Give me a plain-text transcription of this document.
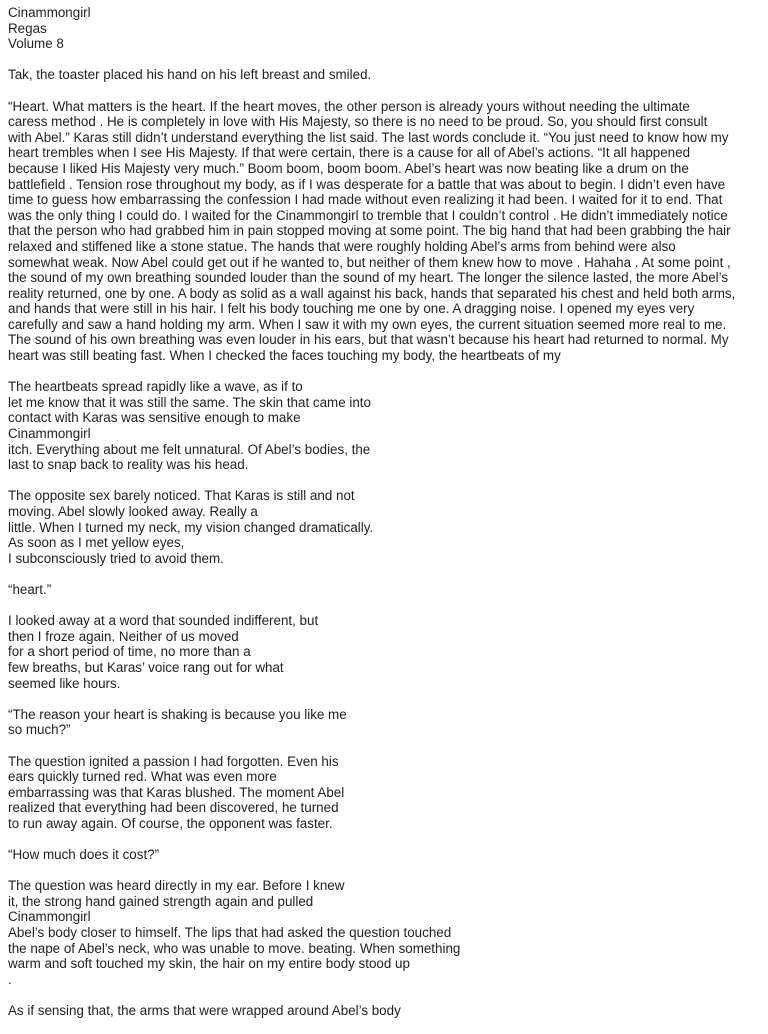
Cinammongirl
Regas
Volume 8
Tak, the toaster placed his hand on his left breast and smiled.
“Heart. What matters is the heart. If the heart moves, the other person is already yours without needing the ultimate
caress method . He is completely in love with His Majesty, so there is no need to be proud. So, you should first consult
with Abel.” Karas still didn’t understand everything the list said. The last words conclude it. “You just need to know how my
heart trembles when I see His Majesty. If that were certain, there is a cause for all of Abel’s actions. “It all happened
because I liked His Majesty very much.” Boom boom, boom boom. Abel’s heart was now beating like a drum on the
battlefield . Tension rose throughout my body, as if I was desperate for a battle that was about to begin. I didn’t even have
time to guess how embarrassing the confession I had made without even realizing it had been. I waited for it to end. That
was the only thing I could do. I waited for the Cinammongirl to tremble that I couldn’t control . He didn’t immediately notice
that the person who had grabbed him in pain stopped moving at some point. The big hand that had been grabbing the hair
relaxed and stiffened like a stone statue. The hands that were roughly holding Abel’s arms from behind were also
somewhat weak. Now Abel could get out if he wanted to, but neither of them knew how to move . Hahaha . At some point ,
the sound of my own breathing sounded louder than the sound of my heart. The longer the silence lasted, the more Abel’s
reality returned, one by one. A body as solid as a wall against his back, hands that separated his chest and held both arms,
and hands that were still in his hair. I felt his body touching me one by one. A dragging noise. I opened my eyes very
carefully and saw a hand holding my arm. When I saw it with my own eyes, the current situation seemed more real to me.
The sound of his own breathing was even louder in his ears, but that wasn’t because his heart had returned to normal. My
heart was still beating fast. When I checked the faces touching my body, the heartbeats of my
The heartbeats spread rapidly like a wave, as if to
let me know that it was still the same. The skin that came into
contact with Karas was sensitive enough to make
Cinammongirl
itch. Everything about me felt unnatural. Of Abel’s bodies, the
last to snap back to reality was his head.
The opposite sex barely noticed. That Karas is still and not
moving. Abel slowly looked away. Really a
little. When I turned my neck, my vision changed dramatically.
As soon as I met yellow eyes,
I subconsciously tried to avoid them.
“heart.”
I looked away at a word that sounded indifferent, but
then I froze again. Neither of us moved
for a short period of time, no more than a
few breaths, but Karas’ voice rang out for what
seemed like hours.
“The reason your heart is shaking is because you like me
so much?”
The question ignited a passion I had forgotten. Even his
ears quickly turned red. What was even more
embarrassing was that Karas blushed. The moment Abel
realized that everything had been discovered, he turned
to run away again. Of course, the opponent was faster.
“How much does it cost?”
The question was heard directly in my ear. Before I knew
it, the strong hand gained strength again and pulled
Cinammongirl
Abel’s body closer to himself. The lips that had asked the question touched
the nape of Abel’s neck, who was unable to move. beating. When something
warm and soft touched my skin, the hair on my entire body stood up
.
As if sensing that, the arms that were wrapped around Abel’s body
